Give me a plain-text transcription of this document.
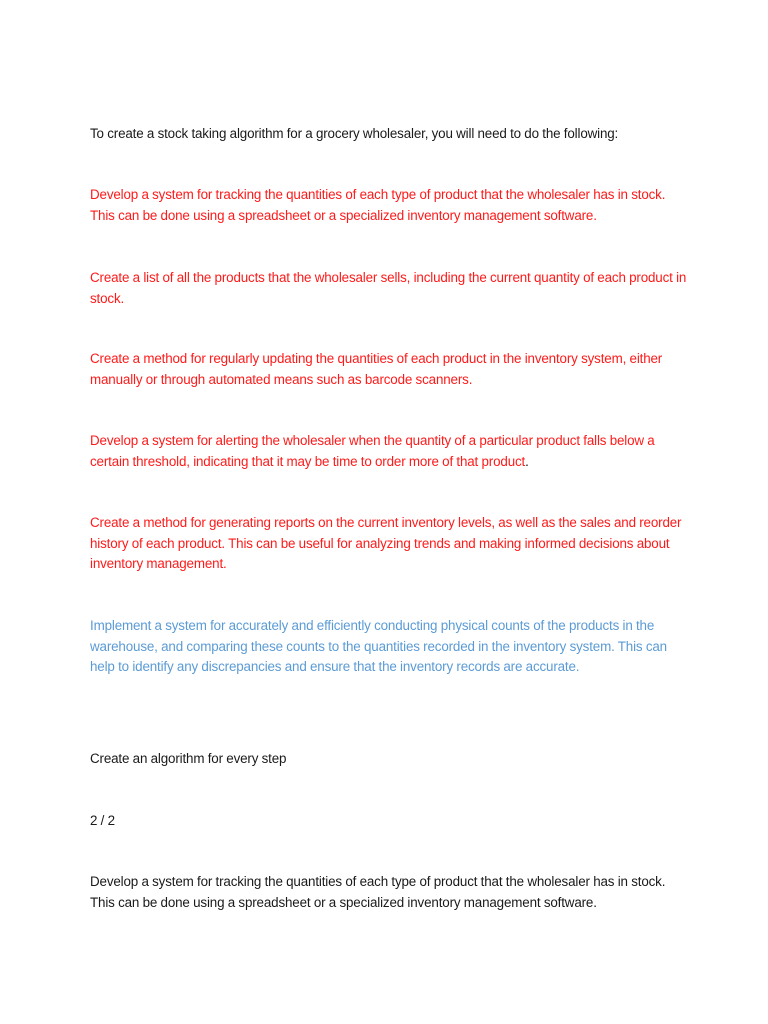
To create a stock taking algorithm for a grocery wholesaler, you will need to do the following:

Develop a system for tracking the quantities of each type of product that the wholesaler has in stock. This can be done using a spreadsheet or a specialized inventory management software.

Create a list of all the products that the wholesaler sells, including the current quantity of each product in stock.

Create a method for regularly updating the quantities of each product in the inventory system, either manually or through automated means such as barcode scanners.

Develop a system for alerting the wholesaler when the quantity of a particular product falls below a certain threshold, indicating that it may be time to order more of that product.

Create a method for generating reports on the current inventory levels, as well as the sales and reorder history of each product. This can be useful for analyzing trends and making informed decisions about inventory management.

Implement a system for accurately and efficiently conducting physical counts of the products in the warehouse, and comparing these counts to the quantities recorded in the inventory system. This can help to identify any discrepancies and ensure that the inventory records are accurate.

Create an algorithm for every step

2 / 2

Develop a system for tracking the quantities of each type of product that the wholesaler has in stock. This can be done using a spreadsheet or a specialized inventory management software.
